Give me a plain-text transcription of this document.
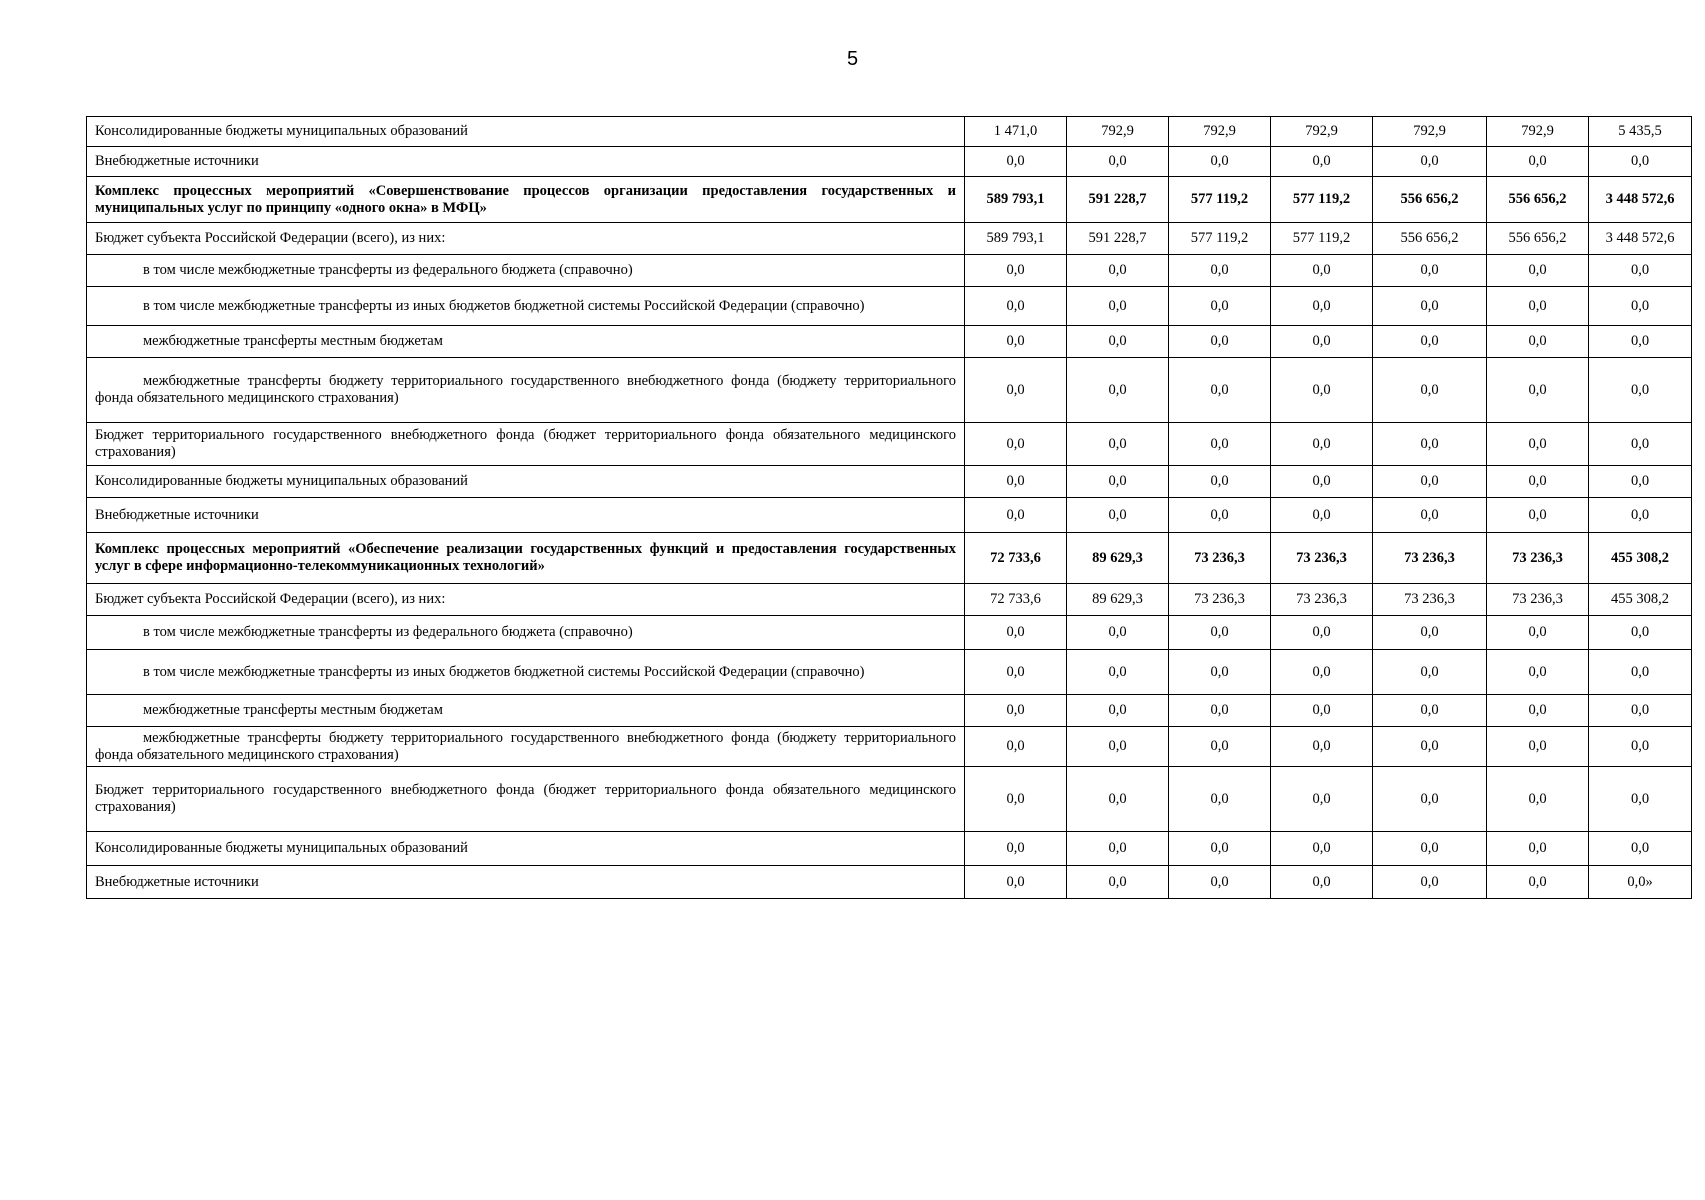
5
Консолидированные бюджеты муниципальных образований	1 471,0	792,9	792,9	792,9	792,9	792,9	5 435,5
Внебюджетные источники	0,0	0,0	0,0	0,0	0,0	0,0	0,0
Комплекс процессных мероприятий «Совершенствование процессов организации предоставления государственных и муниципальных услуг по принципу «одного окна» в МФЦ»	589 793,1	591 228,7	577 119,2	577 119,2	556 656,2	556 656,2	3 448 572,6
Бюджет субъекта Российской Федерации (всего), из них:	589 793,1	591 228,7	577 119,2	577 119,2	556 656,2	556 656,2	3 448 572,6
в том числе межбюджетные трансферты из федерального бюджета (справочно)	0,0	0,0	0,0	0,0	0,0	0,0	0,0
в том числе межбюджетные трансферты из иных бюджетов бюджетной системы Российской Федерации (справочно)	0,0	0,0	0,0	0,0	0,0	0,0	0,0
межбюджетные трансферты местным бюджетам	0,0	0,0	0,0	0,0	0,0	0,0	0,0
межбюджетные трансферты бюджету территориального государственного внебюджетного фонда (бюджету территориального фонда обязательного медицинского страхования)	0,0	0,0	0,0	0,0	0,0	0,0	0,0
Бюджет территориального государственного внебюджетного фонда (бюджет территориального фонда обязательного медицинского страхования)	0,0	0,0	0,0	0,0	0,0	0,0	0,0
Консолидированные бюджеты муниципальных образований	0,0	0,0	0,0	0,0	0,0	0,0	0,0
Внебюджетные источники	0,0	0,0	0,0	0,0	0,0	0,0	0,0
Комплекс процессных мероприятий «Обеспечение реализации государственных функций и предоставления государственных услуг в сфере информационно-телекоммуникационных технологий»	72 733,6	89 629,3	73 236,3	73 236,3	73 236,3	73 236,3	455 308,2
Бюджет субъекта Российской Федерации (всего), из них:	72 733,6	89 629,3	73 236,3	73 236,3	73 236,3	73 236,3	455 308,2
в том числе межбюджетные трансферты из федерального бюджета (справочно)	0,0	0,0	0,0	0,0	0,0	0,0	0,0
в том числе межбюджетные трансферты из иных бюджетов бюджетной системы Российской Федерации (справочно)	0,0	0,0	0,0	0,0	0,0	0,0	0,0
межбюджетные трансферты местным бюджетам	0,0	0,0	0,0	0,0	0,0	0,0	0,0
межбюджетные трансферты бюджету территориального государственного внебюджетного фонда (бюджету территориального фонда обязательного медицинского страхования)	0,0	0,0	0,0	0,0	0,0	0,0	0,0
Бюджет территориального государственного внебюджетного фонда (бюджет территориального фонда обязательного медицинского страхования)	0,0	0,0	0,0	0,0	0,0	0,0	0,0
Консолидированные бюджеты муниципальных образований	0,0	0,0	0,0	0,0	0,0	0,0	0,0
Внебюджетные источники	0,0	0,0	0,0	0,0	0,0	0,0	0,0»
